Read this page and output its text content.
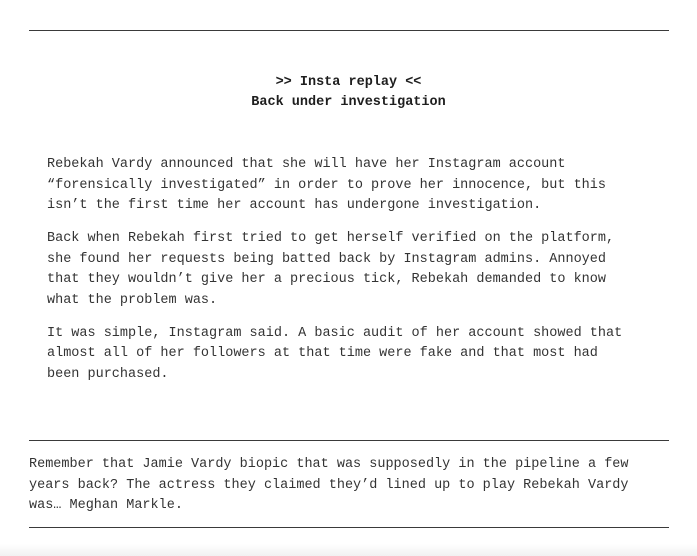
>> Insta replay <<
Back under investigation

Rebekah Vardy announced that she will have her Instagram account
“forensically investigated” in order to prove her innocence, but this
isn’t the first time her account has undergone investigation.

Back when Rebekah first tried to get herself verified on the platform,
she found her requests being batted back by Instagram admins. Annoyed
that they wouldn’t give her a precious tick, Rebekah demanded to know
what the problem was.

It was simple, Instagram said. A basic audit of her account showed that
almost all of her followers at that time were fake and that most had
been purchased.

Remember that Jamie Vardy biopic that was supposedly in the pipeline a few
years back? The actress they claimed they’d lined up to play Rebekah Vardy
was… Meghan Markle.
